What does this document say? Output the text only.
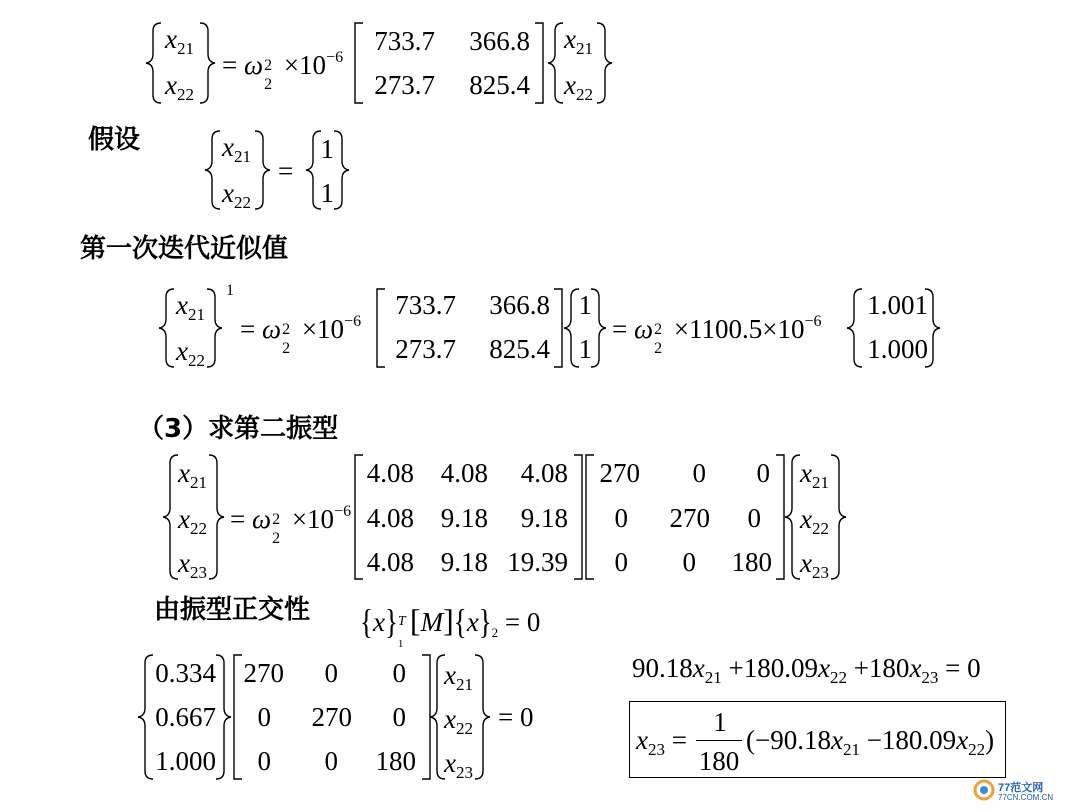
$x_{21}$
$x_{22}$
= ω 2
2
$\times 10^{-6}$
733.7	366.8
273.7	825.4
$x_{21}$
$x_{22}$
假设	$x_{21}$
$x_{22}$
=
1
1
第一次迭代近似值
$x_{21}$
$x_{22}$
1
= ω 2
2
$\times 10^{-6}$
733.7	366.8
273.7	825.4
1
1
= ω 2
2
$\times 1100.5\times 10^{-6}$
1.001
1.000
（3）求第二振型
$x_{21}$
$x_{22}$
$x_{23}$
= ω 2
2
$\times 10^{-6}$
4.08 4.08	4.08
4.08 9.18	9.18
4.08 9.18 19.39
270	0	0
0 270	0
0	0 180
$x_{21}$
$x_{22}$
$x_{23}$
由振型正交性 {x} T
1
$[M]\{x\}_2 = 0$
0.334
0.667
1.000
270	0	0
0 270	0
0	0 180
$x_{21}$
$x_{22}$
$x_{23}$
= 0
$90.18x_{21} +180.09x_{22} +180x_{23} = 0$
$x_{23}$ =
1
180
$(-90.18x_{21} -180.09x_{22})$
77范文网
77CN.COM.CN
